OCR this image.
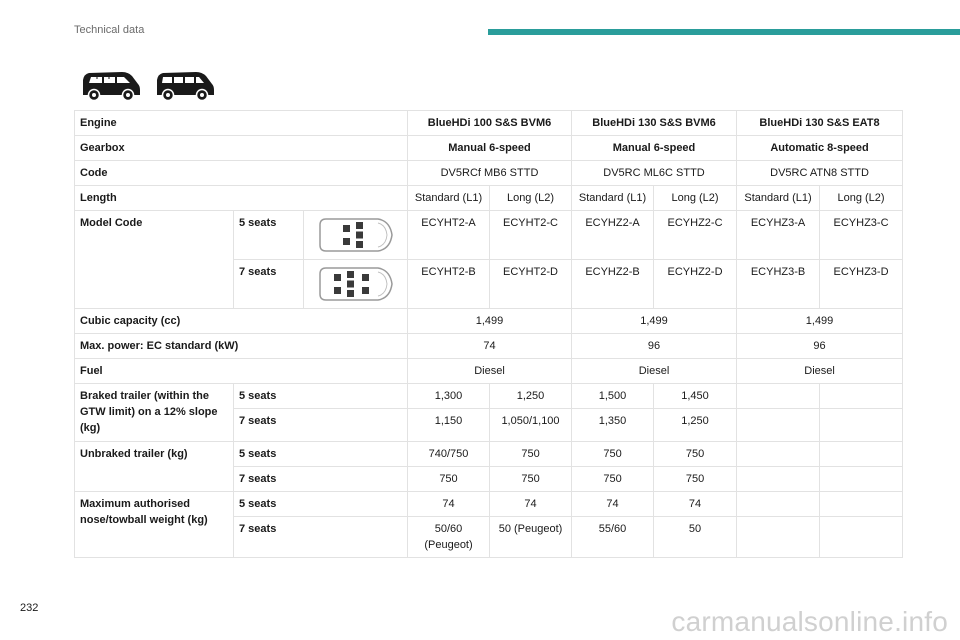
Technical data
Engine			BlueHDi 100 S&S BVM6		BlueHDi 130 S&S BVM6		BlueHDi 130 S&S EAT8	
Gearbox			Manual 6-speed		Manual 6-speed		Automatic 8-speed	
Code			DV5RCf MB6 STTD		DV5RC ML6C STTD		DV5RC ATN8 STTD	
Length			Standard (L1)	Long (L2)	Standard (L1)	Long (L2)	Standard (L1)	Long (L2)
Model Code	5 seats		ECYHT2-A	ECYHT2-C	ECYHZ2-A	ECYHZ2-C	ECYHZ3-A	ECYHZ3-C
	7 seats		ECYHT2-B	ECYHT2-D	ECYHZ2-B	ECYHZ2-D	ECYHZ3-B	ECYHZ3-D
Cubic capacity (cc)			1,499		1,499		1,499	
Max. power: EC standard (kW)			74		96		96	
Fuel			Diesel		Diesel		Diesel	
Braked trailer (within the GTW limit) on a 12% slope (kg)	5 seats		1,300	1,250	1,500	1,450		
	7 seats		1,150	1,050/1,100	1,350	1,250		
Unbraked trailer (kg)	5 seats		740/750	750	750	750		
	7 seats		750	750	750	750		
Maximum authorised nose/towball weight (kg)	5 seats		74	74	74	74		
	7 seats		50/60 (Peugeot)	50 (Peugeot)	55/60	50		
232	carmanualsonline.info
